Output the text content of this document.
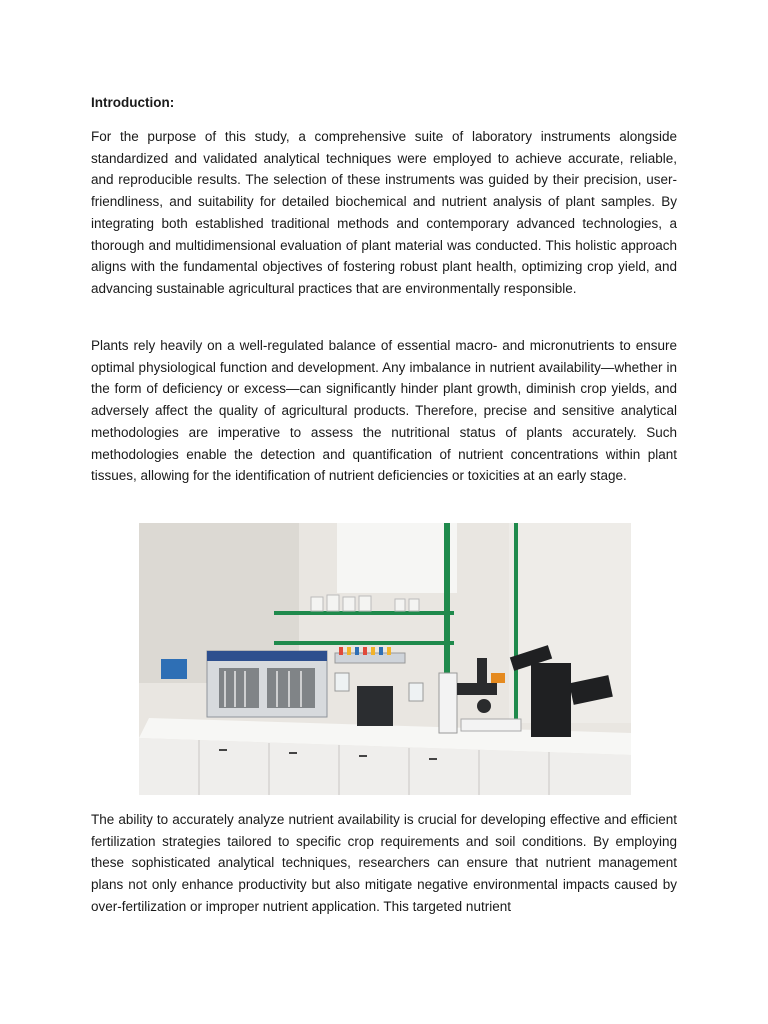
Introduction:

For the purpose of this study, a comprehensive suite of laboratory instruments alongside standardized and validated analytical techniques were employed to achieve accurate, reliable, and reproducible results. The selection of these instruments was guided by their precision, user-friendliness, and suitability for detailed biochemical and nutrient analysis of plant samples. By integrating both established traditional methods and contemporary advanced technologies, a thorough and multidimensional evaluation of plant material was conducted. This holistic approach aligns with the fundamental objectives of fostering robust plant health, optimizing crop yield, and advancing sustainable agricultural practices that are environmentally responsible.

Plants rely heavily on a well-regulated balance of essential macro- and micronutrients to ensure optimal physiological function and development. Any imbalance in nutrient availability—whether in the form of deficiency or excess—can significantly hinder plant growth, diminish crop yields, and adversely affect the quality of agricultural products. Therefore, precise and sensitive analytical methodologies are imperative to assess the nutritional status of plants accurately. Such methodologies enable the detection and quantification of nutrient concentrations within plant tissues, allowing for the identification of nutrient deficiencies or toxicities at an early stage.

The ability to accurately analyze nutrient availability is crucial for developing effective and efficient fertilization strategies tailored to specific crop requirements and soil conditions. By employing these sophisticated analytical techniques, researchers can ensure that nutrient management plans not only enhance productivity but also mitigate negative environmental impacts caused by over-fertilization or improper nutrient application. This targeted nutrient
